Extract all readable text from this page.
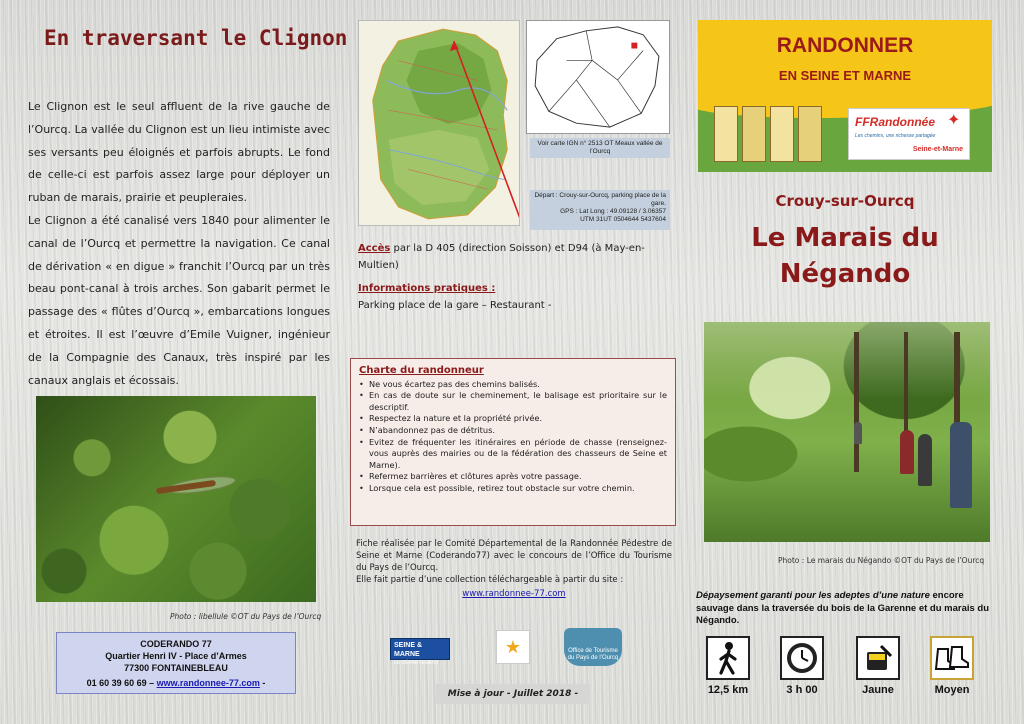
En traversant le Clignon

Le Clignon est le seul affluent de la rive gauche de l’Ourcq. La vallée du Clignon est un lieu intimiste avec ses versants peu éloignés et parfois abrupts. Le fond de celle-ci est parfois assez large pour déployer un ruban de marais, prairie et peupleraies.

Le Clignon a été canalisé vers 1840 pour alimenter le canal de l’Ourcq et permettre la navigation. Ce canal de dérivation « en digue » franchit l’Ourcq par un très beau pont-canal à trois arches. Son gabarit permet le passage des « flûtes d’Ourcq », embarcations longues et étroites. Il est l’œuvre d’Emile Vuigner, ingénieur de la Compagnie des Canaux, très inspiré par les canaux anglais et écossais.

Photo : libellule ©OT du Pays de l’Ourcq
CODERANDO 77
Quartier Henri IV - Place d’Armes
77300 FONTAINEBLEAU
01 60 39 60 69 – www.randonnee-77.com -
Voir carte IGN n° 2513 OT Meaux vallée de l’Ourcq
Départ : Crouy-sur-Ourcq, parking place de la gare.
GPS : Lat Long : 49.09128 / 3.06357
UTM 31UT 0504644 5437604
Accès par la D 405 (direction Soisson) et D94 (à May-en-Multien)
Informations pratiques :
Parking place de la gare – Restaurant -
Charte du randonneur
• Ne vous écartez pas des chemins balisés.
• En cas de doute sur le cheminement, le balisage est prioritaire sur le descriptif.
• Respectez la nature et la propriété privée.
• N’abandonnez pas de détritus.
• Evitez de fréquenter les itinéraires en période de chasse (renseignez-vous auprès des mairies ou de la fédération des chasseurs de Seine et Marne).
• Refermez barrières et clôtures après votre passage.
• Lorsque cela est possible, retirez tout obstacle sur votre chemin.
Fiche réalisée par le Comité Départemental de la Randonnée Pédestre de Seine et Marne (Coderando77) avec le concours de l’Office du Tourisme du Pays de l’Ourcq.
Elle fait partie d’une collection téléchargeable à partir du site :
www.randonnee-77.com
SEINE & MARNE
LE DÉPARTEMENT
★	Office de Tourisme du Pays de l’Ourcq
Mise à jour - Juillet 2018 -
RANDONNER
EN SEINE ET MARNE
FFRandonnée
Les chemins, une richesse partagée
✦
Seine-et-Marne
Crouy-sur-Ourcq
Le Marais du
Négando
Photo : Le marais du Négando ©OT du Pays de l’Ourcq
Dépaysement garanti pour les adeptes d’une nature encore sauvage dans la traversée du bois de la Garenne et du marais du Négando.
12,5 km	3 h 00	Jaune	Moyen
